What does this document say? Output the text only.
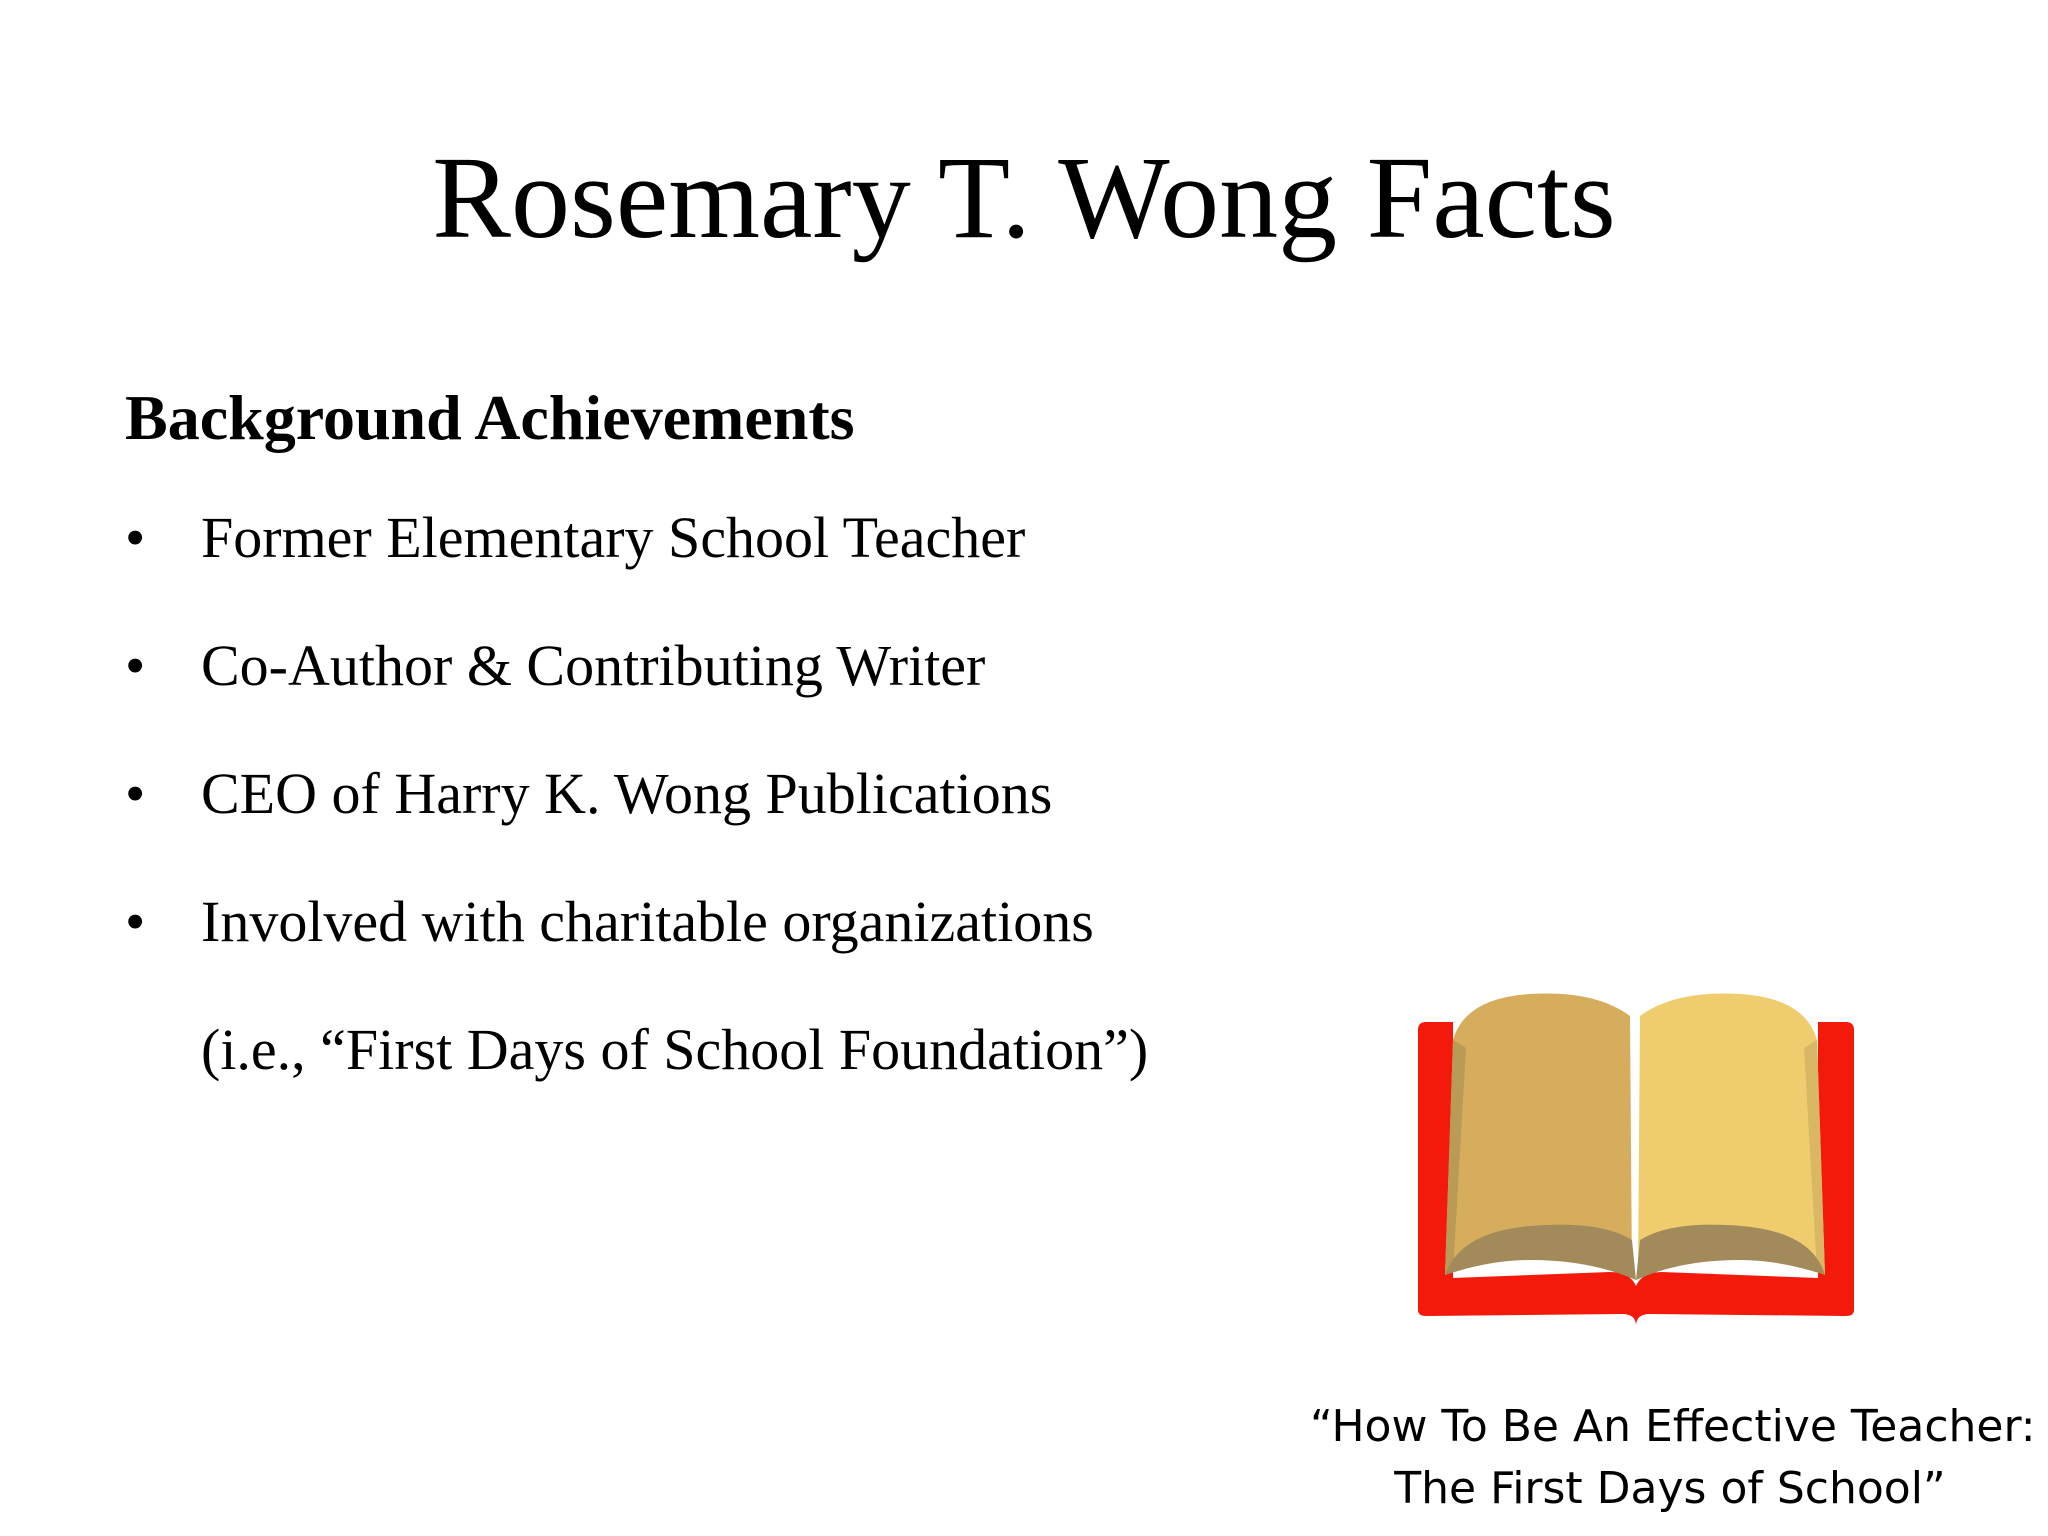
Rosemary T. Wong Facts
Background Achievements
• Former Elementary School Teacher
• Co-Author & Contributing Writer
• CEO of Harry K. Wong Publications
• Involved with charitable organizations

(i.e., “First Days of School Foundation”)

“How To Be An Effective Teacher:
The First Days of School”
